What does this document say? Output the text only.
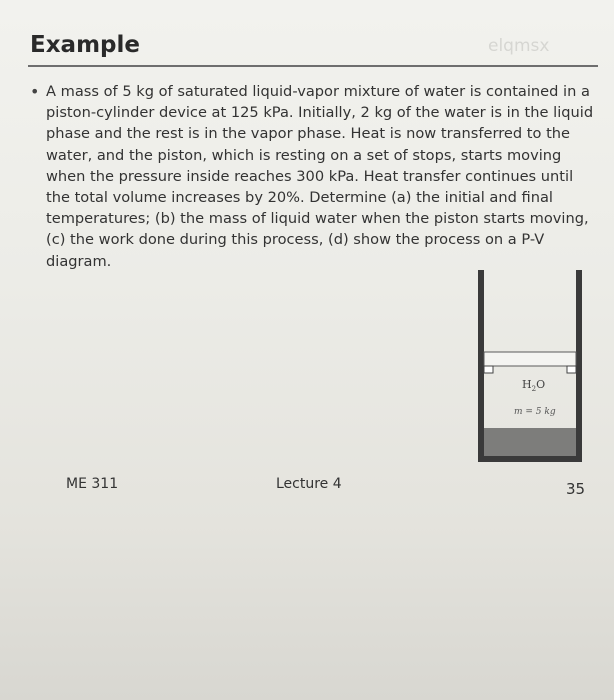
Example	elqmsx
• A mass of 5 kg of saturated liquid-vapor mixture of water is contained in a piston-cylinder device at 125 kPa. Initially, 2 kg of the water is in the liquid phase and the rest is in the vapor phase. Heat is now transferred to the water, and the piston, which is resting on a set of stops, starts moving when the pressure inside reaches 300 kPa. Heat transfer continues until the total volume increases by 20%. Determine (a) the initial and final temperatures; (b) the mass of liquid water when the piston starts moving, (c) the work done during this process, (d) show the process on a P-V diagram.

$H_2O$
m = 5 kg
ME 311	Lecture 4	35
